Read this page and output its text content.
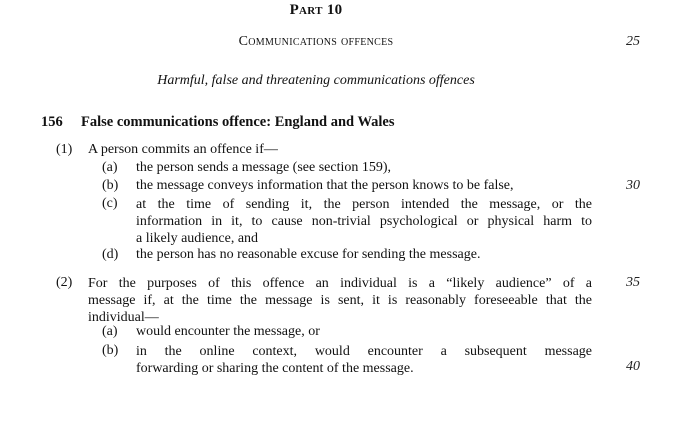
Part 10
Communications offences
Harmful, false and threatening communications offences
25
30
35
40
156 False communications offence: England and Wales
(1) A person commits an offence if—
(a)	the person sends a message (see section 159),
(b)	the message conveys information that the person knows to be false,
(c)	at the time of sending it, the person intended the message, or the
information in it, to cause non-trivial psychological or physical harm to
a likely audience, and
(d)	the person has no reasonable excuse for sending the message.
(2) For the purposes of this offence an individual is a “likely audience” of a
message if, at the time the message is sent, it is reasonably foreseeable that the
individual—
(a)	would encounter the message, or
(b)	in the online context, would encounter a subsequent message
forwarding or sharing the content of the message.
